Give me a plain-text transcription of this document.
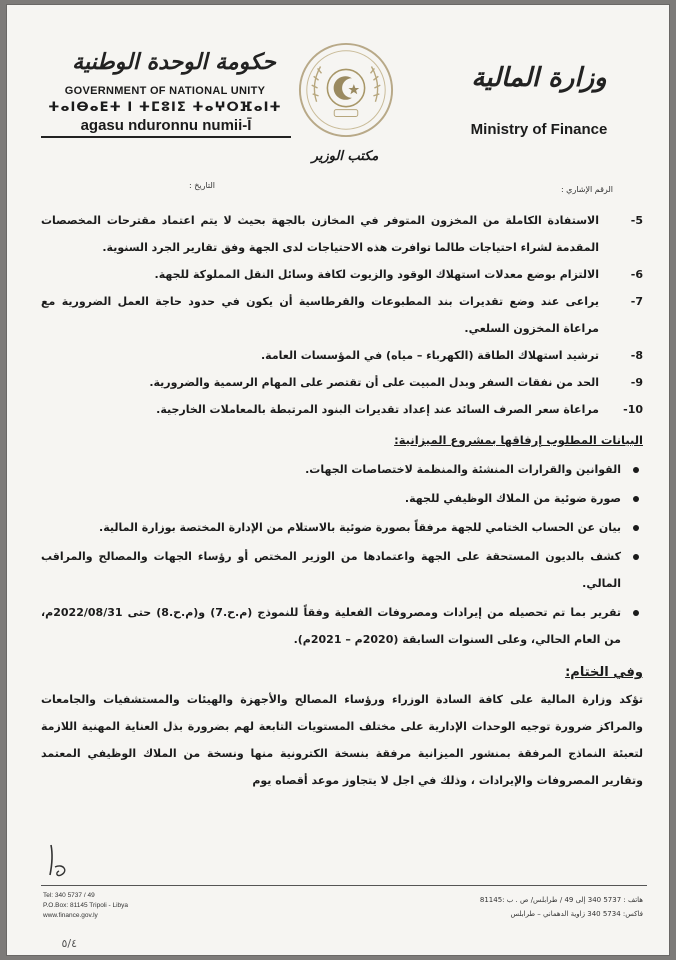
حكومة الوحدة الوطنية
GOVERNMENT OF NATIONAL UNITY
ⵜⴰⵏⴱⴰⴹⵜ ⵏ ⵜⵎⵓⵏⵉ ⵜⴰⵖⵔⴼⴰⵏⵜ
agasu nduronnu numii-Ī
وزارة المالية
Ministry of Finance
مكتب الوزير
الرقم الإشاري :
التاريخ :
5-
الاستفادة الكاملة من المخزون المتوفر في المخازن بالجهة بحيث لا يتم اعتماد مقترحات المخصصات المقدمة لشراء احتياجات طالما توافرت هذه الاحتياجات لدى الجهة وفق تقارير الجرد السنوية.
6-
الالتزام بوضع معدلات استهلاك الوقود والزيوت لكافة وسائل النقل المملوكة للجهة.
7-
يراعى عند وضع تقديرات بند المطبوعات والقرطاسية أن يكون في حدود حاجة العمل الضرورية مع مراعاة المخزون السلعي.
8-
ترشيد استهلاك الطاقة (الكهرباء – مياه) في المؤسسات العامة.
9-
الحد من نفقات السفر وبدل المبيت على أن تقتصر على المهام الرسمية والضرورية.
10-
مراعاة سعر الصرف السائد عند إعداد تقديرات البنود المرتبطة بالمعاملات الخارجية.
البيانات المطلوب إرفاقها بمشروع الميزانية:
القوانين والقرارات المنشئة والمنظمة لاختصاصات الجهات.
صورة ضوئية من الملاك الوظيفي للجهة.
بيان عن الحساب الختامي للجهة مرفقاً بصورة ضوئية بالاستلام من الإدارة المختصة بوزارة المالية.
كشف بالديون المستحقة على الجهة واعتمادها من الوزير المختص أو رؤساء الجهات والمصالح والمراقب المالي.
تقرير بما تم تحصيله من إيرادات ومصروفات الفعلية وفقاً للنموذج (م.ح.7) و(م.ح.8) حتى 2022/08/31م، من العام الحالي، وعلى السنوات السابقة (2020م – 2021م).
وفي الختام:
تؤكد وزارة المالية على كافة السادة الوزراء ورؤساء المصالح والأجهزة والهيئات والمستشفيات والجامعات والمراكز ضرورة توجيه الوحدات الإدارية على مختلف المستويات التابعة لهم بضرورة بذل العناية المهنية اللازمة لتعبئة النماذج المرفقة بمنشور الميزانية مرفقة بنسخة الكترونية منها ونسخة من الملاك الوظيفي المعتمد وتقارير المصروفات والإيرادات ، وذلك في اجل لا يتجاوز موعد أقصاه يوم
Tel: 340 5737 / 49
P.O.Box: 81145 Tripoli - Libya
www.finance.gov.ly
هاتف : 5737 340 إلى 49 / طرابلس/ ص . ب :81145
فاكس: 5734 340 زاوية الدهماني – طرابلس
٥/٤
